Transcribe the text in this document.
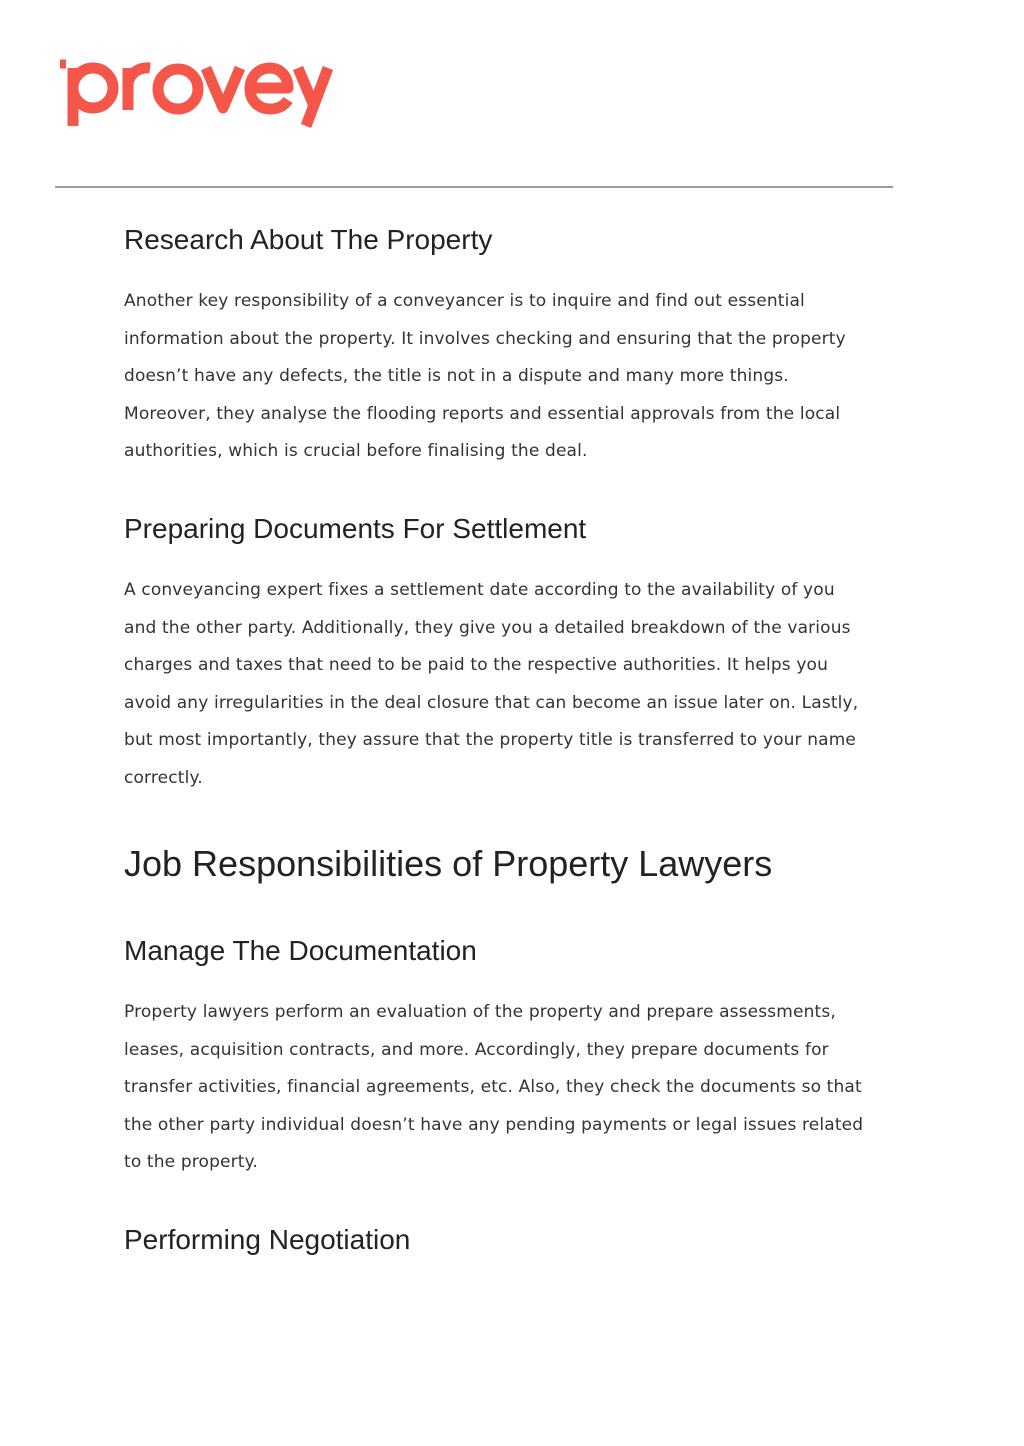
Research About The Property

Another key responsibility of a conveyancer is to inquire and find out essential
information about the property. It involves checking and ensuring that the property
doesn’t have any defects, the title is not in a dispute and many more things.
Moreover, they analyse the flooding reports and essential approvals from the local
authorities, which is crucial before finalising the deal.

Preparing Documents For Settlement

A conveyancing expert fixes a settlement date according to the availability of you
and the other party. Additionally, they give you a detailed breakdown of the various
charges and taxes that need to be paid to the respective authorities. It helps you
avoid any irregularities in the deal closure that can become an issue later on. Lastly,
but most importantly, they assure that the property title is transferred to your name
correctly.

Job Responsibilities of Property Lawyers
Manage The Documentation

Property lawyers perform an evaluation of the property and prepare assessments,
leases, acquisition contracts, and more. Accordingly, they prepare documents for
transfer activities, financial agreements, etc. Also, they check the documents so that
the other party individual doesn’t have any pending payments or legal issues related
to the property.

Performing Negotiation
